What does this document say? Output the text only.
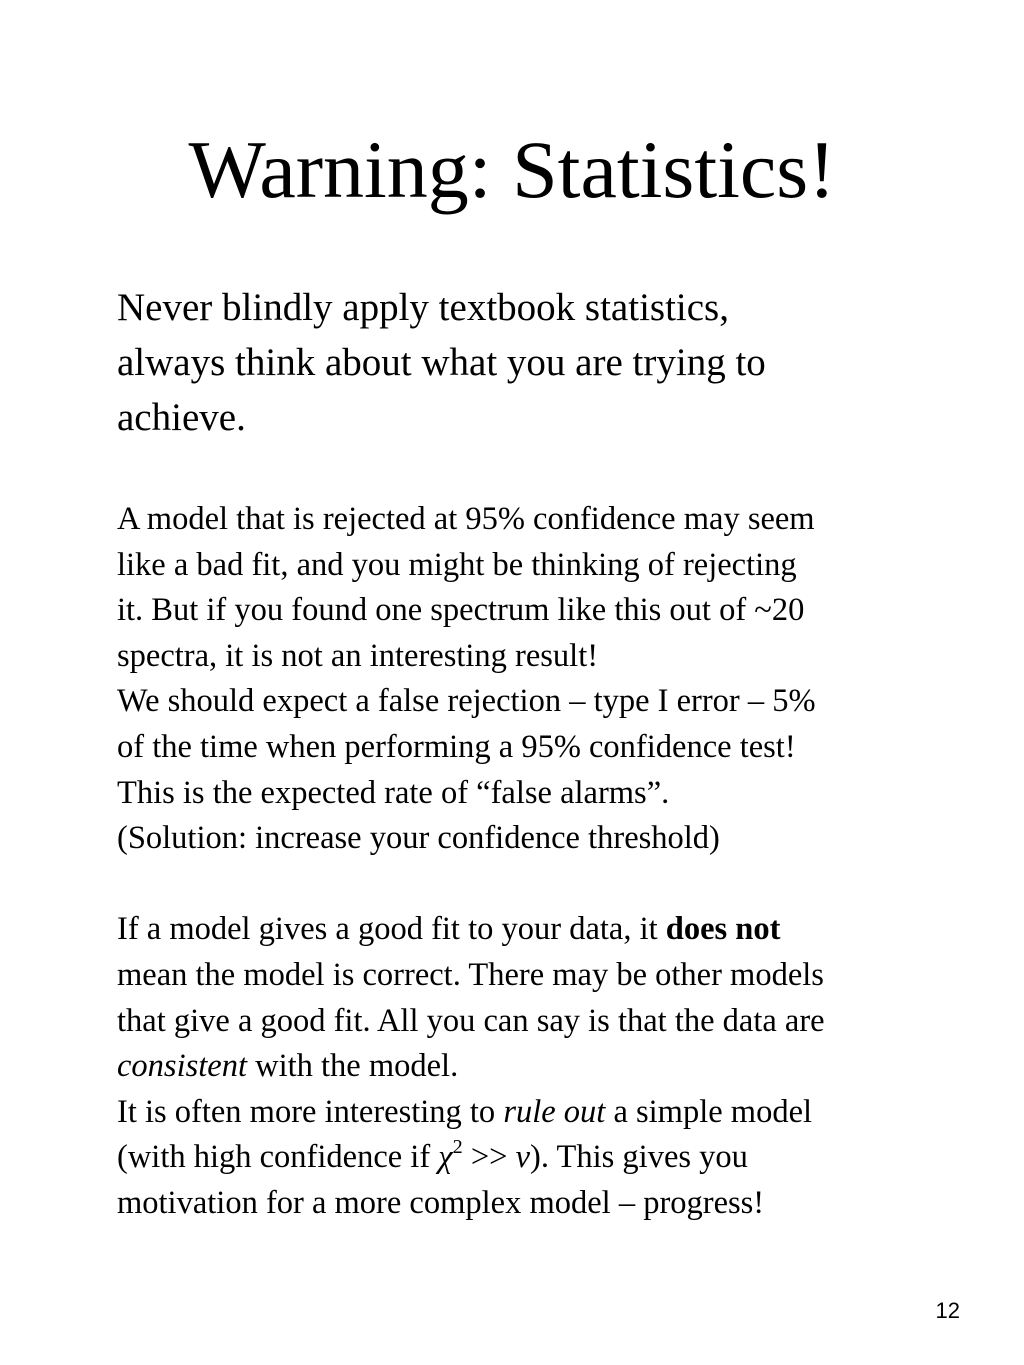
Warning: Statistics!
Never blindly apply textbook statistics,
always think about what you are trying to
achieve.
A model that is rejected at 95% confidence may seem
like a bad fit, and you might be thinking of rejecting
it. But if you found one spectrum like this out of ~20
spectra, it is not an interesting result!
We should expect a false rejection – type I error – 5%
of the time when performing a 95% confidence test!
This is the expected rate of “false alarms”.
(Solution: increase your confidence threshold)
If a model gives a good fit to your data, it does not
mean the model is correct. There may be other models
that give a good fit. All you can say is that the data are
consistent with the model.
It is often more interesting to rule out a simple model
(with high confidence if $\chi^2 >> v$). This gives you
motivation for a more complex model – progress!
12
